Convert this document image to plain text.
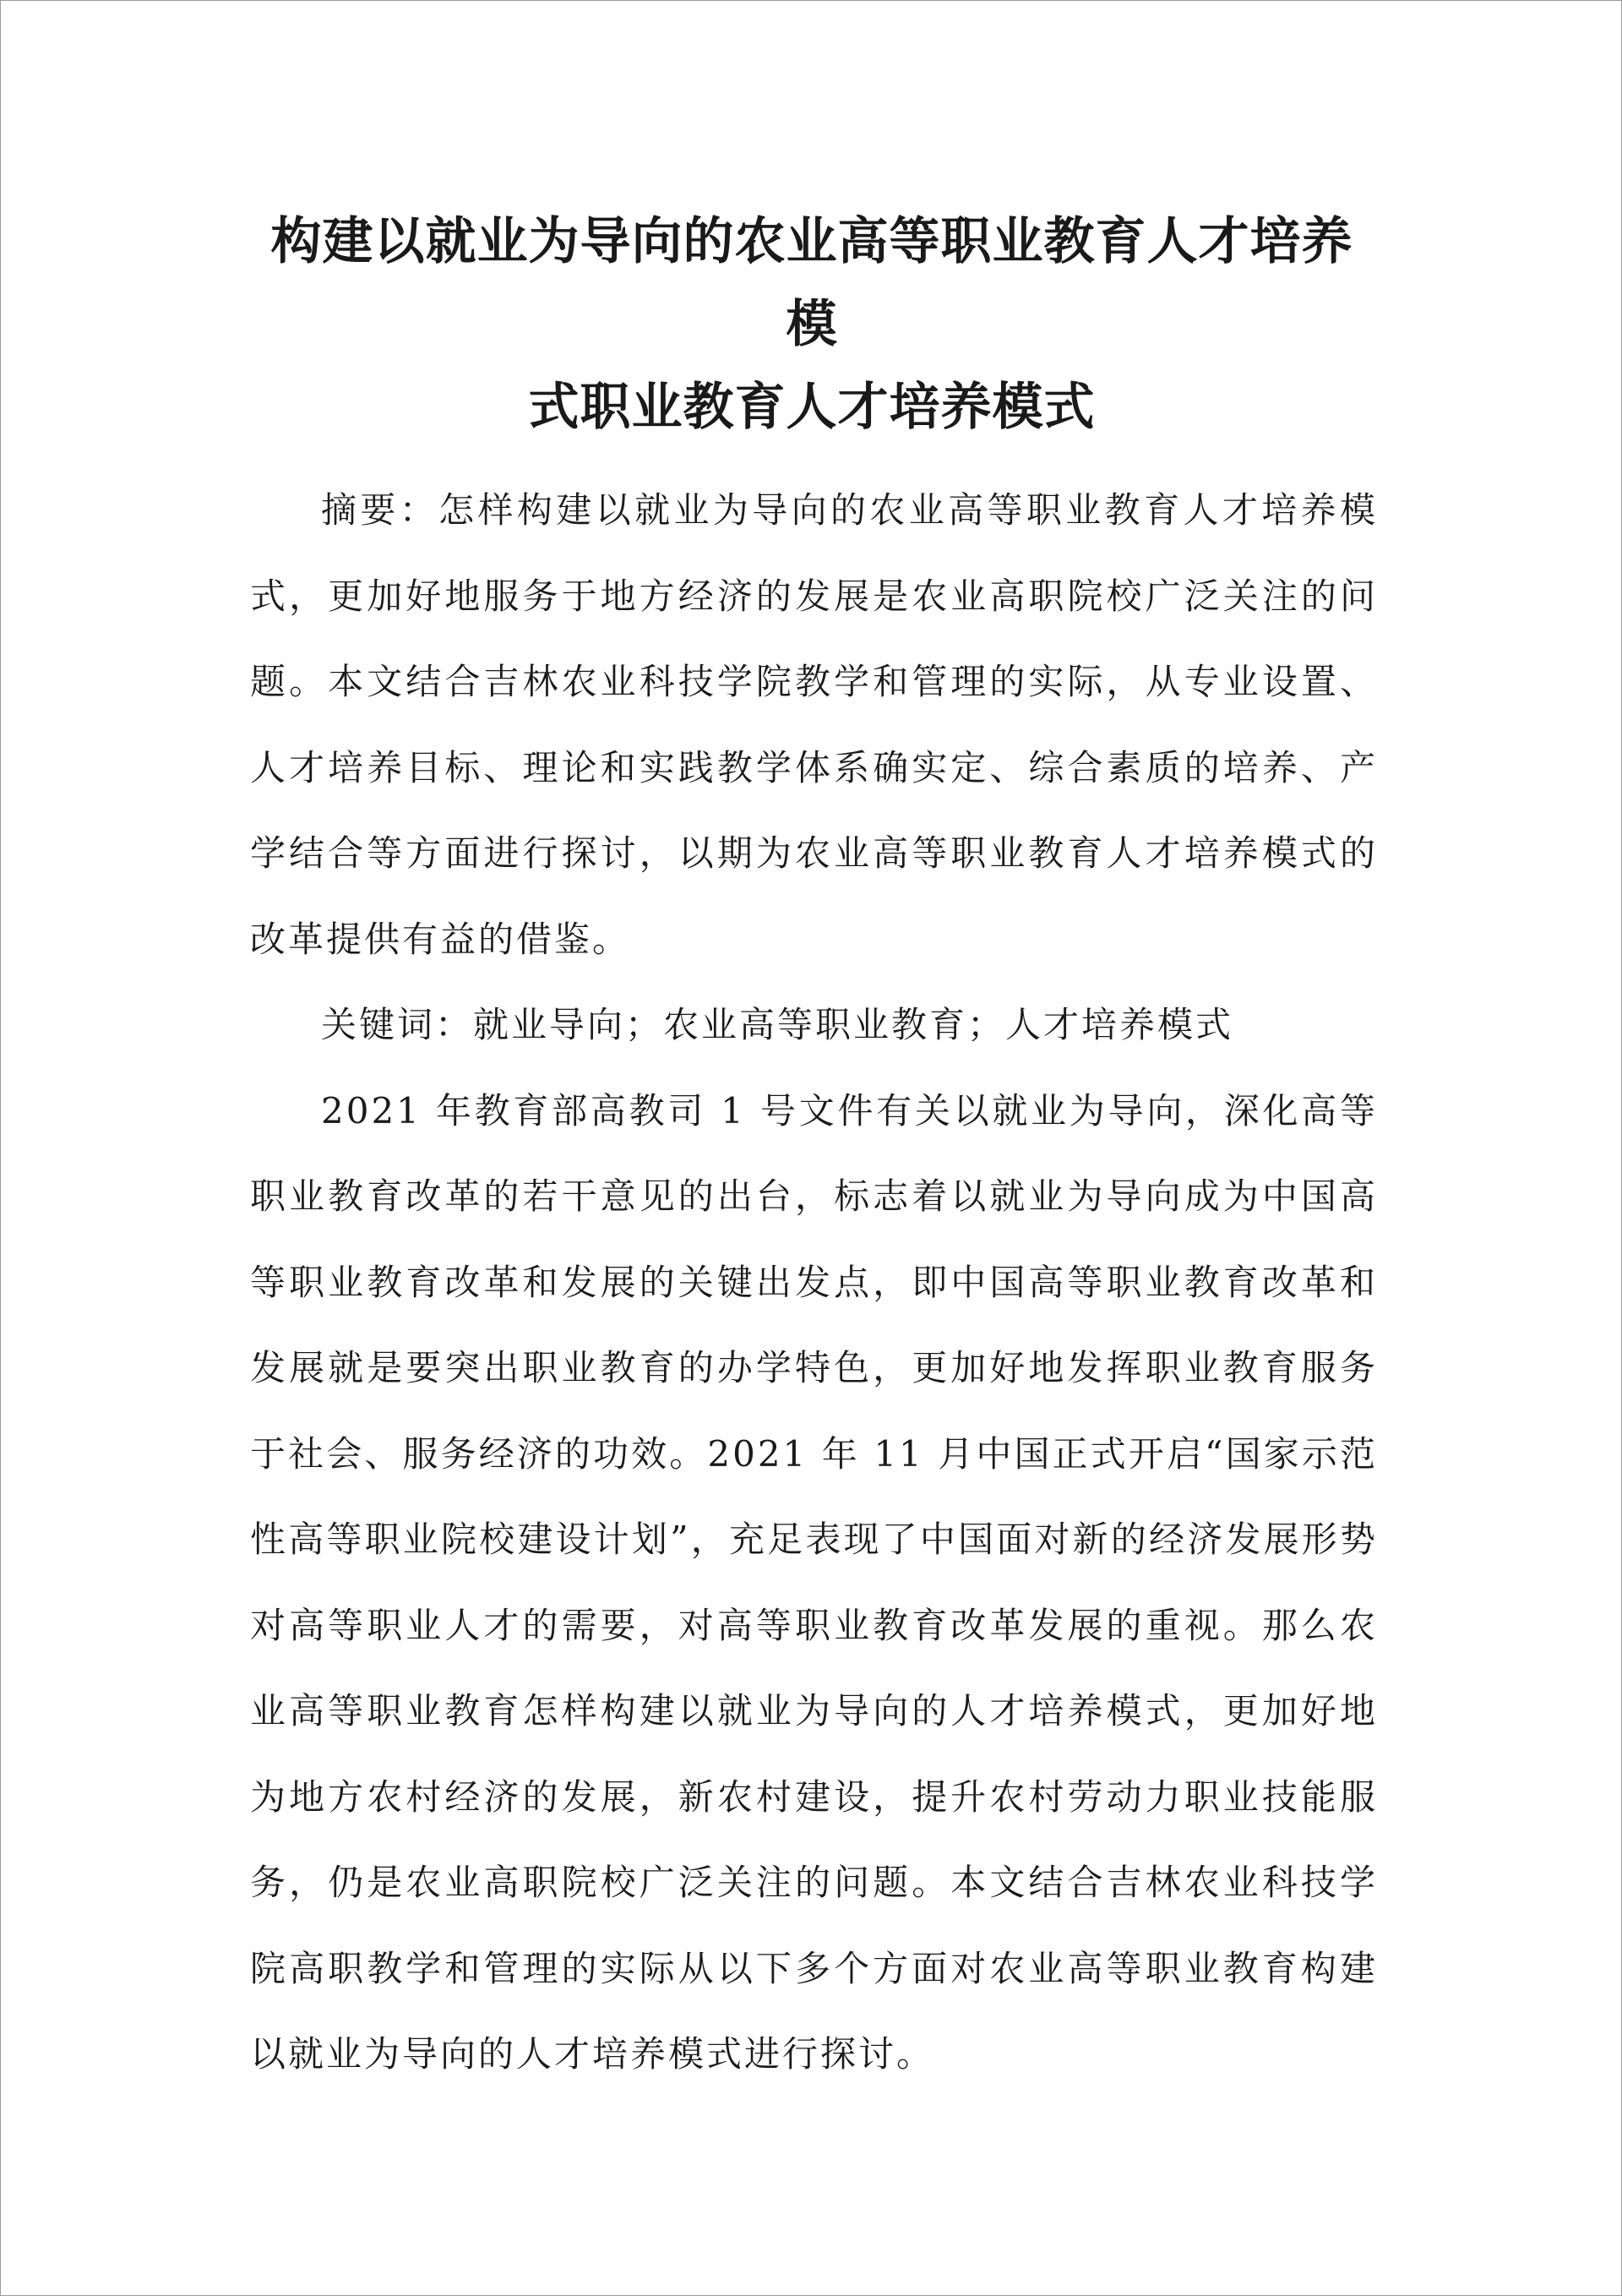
构建以就业为导向的农业高等职业教育人才培养模
式职业教育人才培养模式

摘要：怎样构建以就业为导向的农业高等职业教育人才培养模式，更加好地服务于地方经济的发展是农业高职院校广泛关注的问题。本文结合吉林农业科技学院教学和管理的实际，从专业设置、人才培养目标、理论和实践教学体系确实定、综合素质的培养、产学结合等方面进行探讨，以期为农业高等职业教育人才培养模式的改革提供有益的借鉴。

关键词：就业导向；农业高等职业教育；人才培养模式

2021 年教育部高教司 1 号文件有关以就业为导向，深化高等职业教育改革的若干意见的出台，标志着以就业为导向成为中国高等职业教育改革和发展的关键出发点，即中国高等职业教育改革和发展就是要突出职业教育的办学特色，更加好地发挥职业教育服务于社会、服务经济的功效。2021 年 11 月中国正式开启“国家示范性高等职业院校建设计划”，充足表现了中国面对新的经济发展形势对高等职业人才的需要，对高等职业教育改革发展的重视。那么农业高等职业教育怎样构建以就业为导向的人才培养模式，更加好地为地方农村经济的发展，新农村建设，提升农村劳动力职业技能服务，仍是农业高职院校广泛关注的问题。本文结合吉林农业科技学院高职教学和管理的实际从以下多个方面对农业高等职业教育构建以就业为导向的人才培养模式进行探讨。
